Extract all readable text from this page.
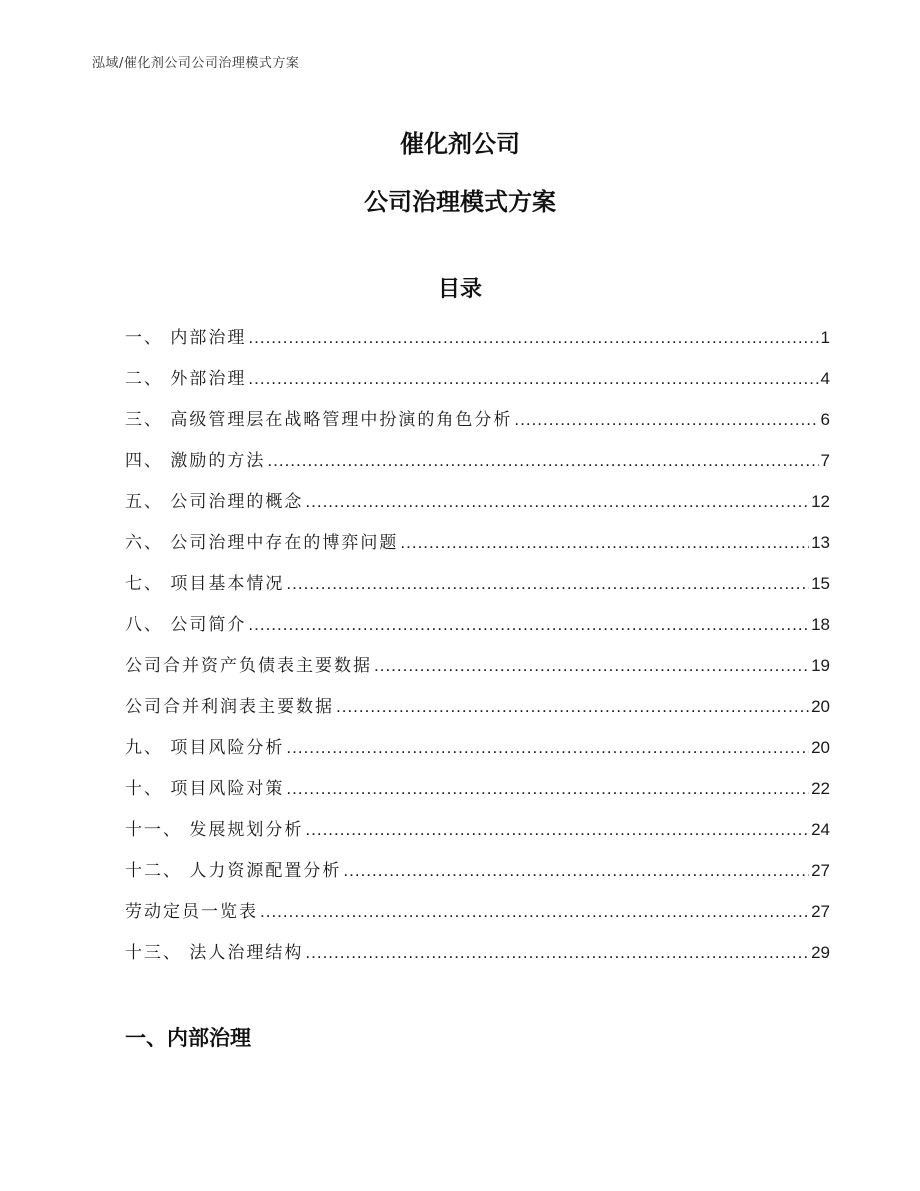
泓域/催化剂公司公司治理模式方案
催化剂公司
公司治理模式方案
目录
一、 内部治理 .....	1
二、 外部治理 .....	4
三、 高级管理层在战略管理中扮演的角色分析 .....	6
四、 激励的方法 .....	7
五、 公司治理的概念 .....	12
六、 公司治理中存在的博弈问题 .....	13
七、 项目基本情况 .....	15
八、 公司简介 .....	18
公司合并资产负债表主要数据 .....	19
公司合并利润表主要数据 .....	20
九、 项目风险分析 .....	20
十、 项目风险对策 .....	22
十一、 发展规划分析 .....	24
十二、 人力资源配置分析 .....	27
劳动定员一览表 .....	27
十三、 法人治理结构 .....	29
一、内部治理
